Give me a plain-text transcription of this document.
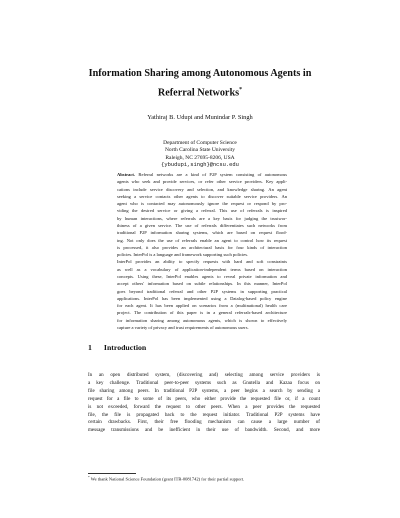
Information Sharing among Autonomous Agents in
Referral Networks*
Yathiraj B. Udupi and Munindar P. Singh
Department of Computer Science
North Carolina State University
Raleigh, NC 27695-8206, USA
{ybudupi,singh}@ncsu.edu
Abstract. Referral networks are a kind of P2P system consisting of autonomous
agents who seek and provide services, or refer other service providers. Key appli-
cations include service discovery and selection, and knowledge sharing. An agent
seeking a service contacts other agents to discover suitable service providers. An
agent who is contacted may autonomously ignore the request or respond by pro-
viding the desired service or giving a referral. This use of referrals is inspired
by human interactions, where referrals are a key basis for judging the trustwor-
thiness of a given service. The use of referrals differentiates such networks from
traditional P2P information sharing systems, which are based on request flood-
ing. Not only does the use of referrals enable an agent to control how its request
is processed, it also provides an architectural basis for four kinds of interaction
policies. InterPol is a language and framework supporting such policies.
InterPol provides an ability to specify requests with hard and soft constraints
as well as a vocabulary of application-independent terms based on interaction
concepts. Using these, InterPol enables agents to reveal private information and
accept others' information based on subtle relationships. In this manner, InterPol
goes beyond traditional referral and other P2P systems in supporting practical
applications. InterPol has been implemented using a Datalog-based policy engine
for each agent. It has been applied on scenarios from a (multinational) health care
project. The contribution of this paper is in a general referrals-based architecture
for information sharing among autonomous agents, which is shown to effectively
capture a variety of privacy and trust requirements of autonomous users.
1 Introduction
In an open distributed system, (discovering and) selecting among service providers is
a key challenge. Traditional peer-to-peer systems such as Gnutella and Kazaa focus on
file sharing among peers. In traditional P2P systems, a peer begins a search by sending a
request for a file to some of its peers, who either provide the requested file or, if a count
is not exceeded, forward the request to other peers. When a peer provides the requested
file, the file is propagated back to the request initiator. Traditional P2P systems have
certain drawbacks. First, their free flooding mechanism can cause a large number of
message transmissions and be inefficient in their use of bandwidth. Second, and more
* We thank National Science Foundation (grant ITR-0081742) for their partial support.
